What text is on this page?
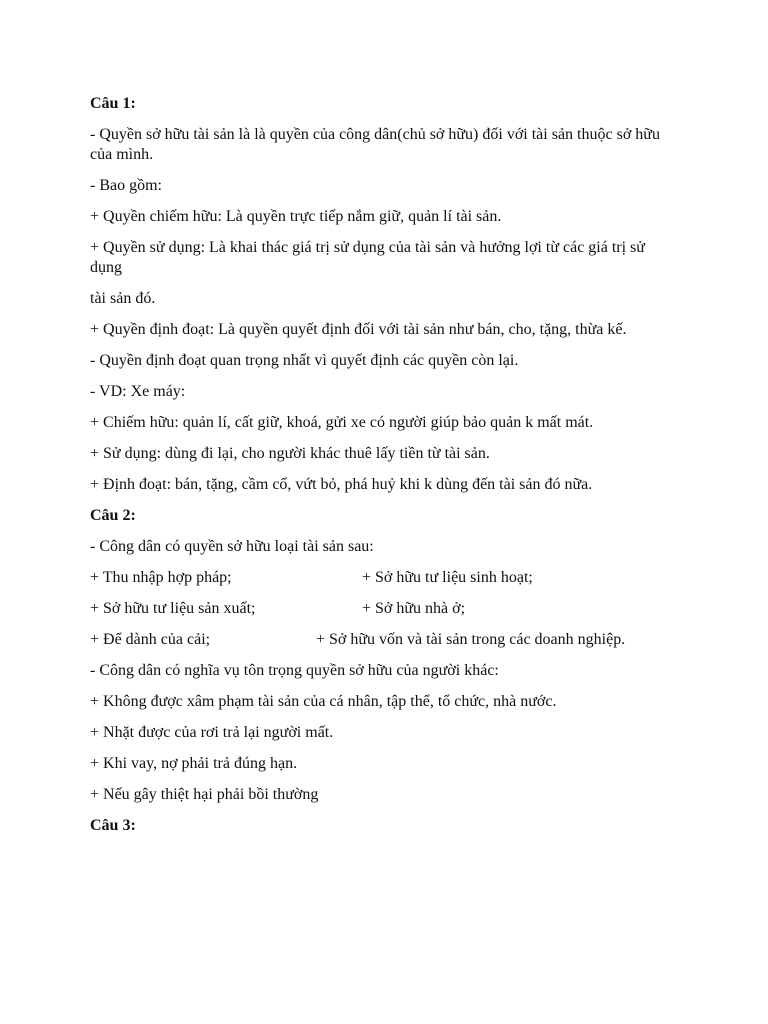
Câu 1:
- Quyền sở hữu tài sản là là quyền của công dân(chủ sở hữu) đối với tài sản thuộc sở hữu của mình.
- Bao gồm:
+ Quyền chiếm hữu: Là quyền trực tiếp nắm giữ, quản lí tài sản.
+ Quyền sử dụng: Là khai thác giá trị sử dụng của tài sản và hưởng lợi từ các giá trị sử dụng
tài sản đó.
+ Quyền định đoạt: Là quyền quyết định đối với tài sản như bán, cho, tặng, thừa kế.
- Quyền định đoạt quan trọng nhất vì quyết định các quyền còn lại.
- VD: Xe máy:
+ Chiếm hữu: quản lí, cất giữ, khoá, gửi xe có người giúp bảo quản k mất mát.
+ Sử dụng: dùng đi lại, cho người khác thuê lấy tiền từ tài sản.
+ Định đoạt: bán, tặng, cầm cố, vứt bỏ, phá huỷ khi k dùng đến tài sản đó nữa.
Câu 2:
- Công dân có quyền sở hữu loại tài sản sau:
+ Thu nhập hợp pháp;	+ Sở hữu tư liệu sinh hoạt;
+ Sở hữu tư liệu sản xuất;	+ Sở hữu nhà ở;
+ Để dành của cải;	+ Sở hữu vốn và tài sản trong các doanh nghiệp.
- Công dân có nghĩa vụ tôn trọng quyền sở hữu của người khác:
+ Không được xâm phạm tài sản của cá nhân, tập thể, tổ chức, nhà nước.
+ Nhặt được của rơi trả lại người mất.
+ Khi vay, nợ phải trả đúng hạn.
+ Nếu gây thiệt hại phải bồi thường
Câu 3:
